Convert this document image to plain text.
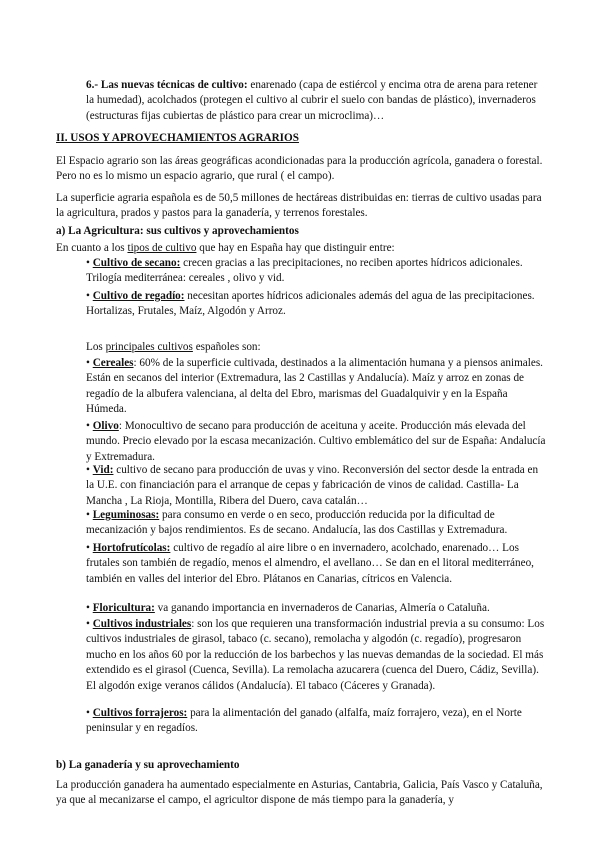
6.- Las nuevas técnicas de cultivo: enarenado (capa de estiércol y encima otra de arena para retener la humedad), acolchados (protegen el cultivo al cubrir el suelo con bandas de plástico), invernaderos (estructuras fijas cubiertas de plástico para crear un microclima)…

II. USOS Y APROVECHAMIENTOS AGRARIOS

El Espacio agrario son las áreas geográficas acondicionadas para la producción agrícola, ganadera o forestal. Pero no es lo mismo un espacio agrario, que rural ( el campo).

La superficie agraria española es de 50,5 millones de hectáreas distribuidas en: tierras de cultivo usadas para la agricultura, prados y pastos para la ganadería, y terrenos forestales.

a) La Agricultura: sus cultivos y aprovechamientos

En cuanto a los tipos de cultivo que hay en España hay que distinguir entre:

• Cultivo de secano: crecen gracias a las precipitaciones, no reciben aportes hídricos adicionales. Trilogía mediterránea: cereales , olivo y vid.

• Cultivo de regadío: necesitan aportes hídricos adicionales además del agua de las precipitaciones. Hortalizas, Frutales, Maíz, Algodón y Arroz.

Los principales cultivos españoles son:

• Cereales: 60% de la superficie cultivada, destinados a la alimentación humana y a piensos animales. Están en secanos del interior (Extremadura, las 2 Castillas y Andalucía). Maíz y arroz en zonas de regadío de la albufera valenciana, al delta del Ebro, marismas del Guadalquivir y en la España Húmeda.

• Olivo: Monocultivo de secano para producción de aceituna y aceite. Producción más elevada del mundo. Precio elevado por la escasa mecanización. Cultivo emblemático del sur de España: Andalucía y Extremadura.

• Vid: cultivo de secano para producción de uvas y vino. Reconversión del sector desde la entrada en la U.E. con financiación para el arranque de cepas y fabricación de vinos de calidad. Castilla- La Mancha , La Rioja, Montilla, Ribera del Duero, cava catalán…

• Leguminosas: para consumo en verde o en seco, producción reducida por la dificultad de mecanización y bajos rendimientos. Es de secano. Andalucía, las dos Castillas y Extremadura.

• Hortofrutícolas: cultivo de regadío al aire libre o en invernadero, acolchado, enarenado… Los frutales son también de regadío, menos el almendro, el avellano… Se dan en el litoral mediterráneo, también en valles del interior del Ebro. Plátanos en Canarias, cítricos en Valencia.

• Floricultura: va ganando importancia en invernaderos de Canarias, Almería o Cataluña.

• Cultivos industriales: son los que requieren una transformación industrial previa a su consumo: Los cultivos industriales de girasol, tabaco (c. secano), remolacha y algodón (c. regadío), progresaron mucho en los años 60 por la reducción de los barbechos y las nuevas demandas de la sociedad. El más extendido es el girasol (Cuenca, Sevilla). La remolacha azucarera (cuenca del Duero, Cádiz, Sevilla). El algodón exige veranos cálidos (Andalucía). El tabaco (Cáceres y Granada).

• Cultivos forrajeros: para la alimentación del ganado (alfalfa, maíz forrajero, veza), en el Norte peninsular y en regadíos.

b) La ganadería y su aprovechamiento

La producción ganadera ha aumentado especialmente en Asturias, Cantabria, Galicia, País Vasco y Cataluña, ya que al mecanizarse el campo, el agricultor dispone de más tiempo para la ganadería, y
